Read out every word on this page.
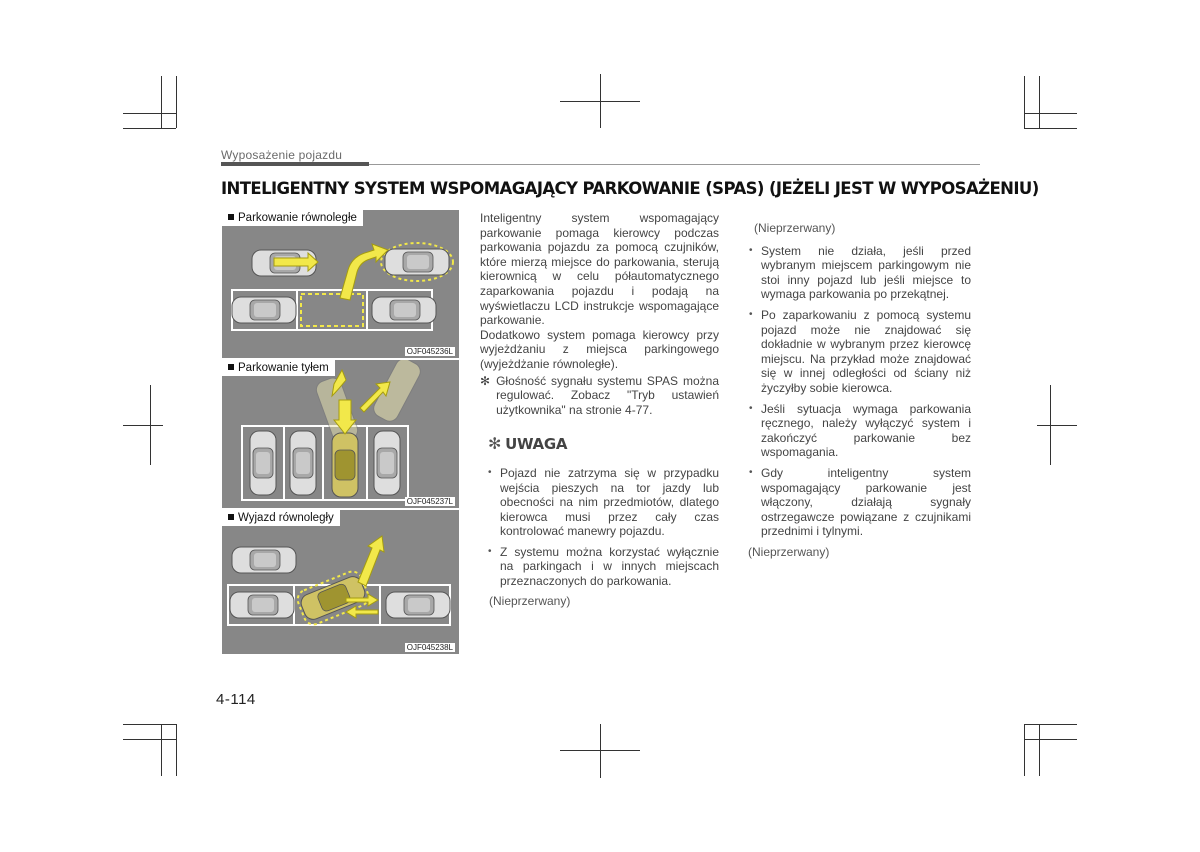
Wyposażenie pojazdu
INTELIGENTNY SYSTEM WSPOMAGAJĄCY PARKOWANIE (SPAS) (JEŻELI JEST W WYPOSAŻENIU)
Parkowanie równoległe
OJF045236L
Parkowanie tyłem
OJF045237L
Wyjazd równoległy
OJF045238L

Inteligentny system wspomagający parkowanie pomaga kierowcy podczas parkowania pojazdu za pomocą czujników, które mierzą miejsce do parkowania, sterują kierownicą w celu półautomatycznego zaparkowania pojazdu i podają na wyświetlaczu LCD instrukcje wspomagające parkowanie.

Dodatkowo system pomaga kierowcy przy wyjeżdżaniu z miejsca parkingowego (wyjeżdżanie równoległe).

✻ Głośność sygnału systemu SPAS można regulować. Zobacz "Tryb ustawień użytkownika" na stronie 4-77.
✻ UWAGA
• Pojazd nie zatrzyma się w przypadku wejścia pieszych na tor jazdy lub obecności na nim przedmiotów, dlatego kierowca musi przez cały czas kontrolować manewry pojazdu.
• Z systemu można korzystać wyłącznie na parkingach i w innych miejscach przeznaczonych do parkowania.

(Nieprzerwany)

(Nieprzerwany)

• System nie działa, jeśli przed wybranym miejscem parkingowym nie stoi inny pojazd lub jeśli miejsce to wymaga parkowania po przekątnej.
• Po zaparkowaniu z pomocą systemu pojazd może nie znajdować się dokładnie w wybranym przez kierowcę miejscu. Na przykład może znajdować się w innej odległości od ściany niż życzyłby sobie kierowca.
• Jeśli sytuacja wymaga parkowania ręcznego, należy wyłączyć system i zakończyć parkowanie bez wspomagania.
• Gdy inteligentny system wspomagający parkowanie jest włączony, działają sygnały ostrzegawcze powiązane z czujnikami przednimi i tylnymi.

(Nieprzerwany)

4-114
